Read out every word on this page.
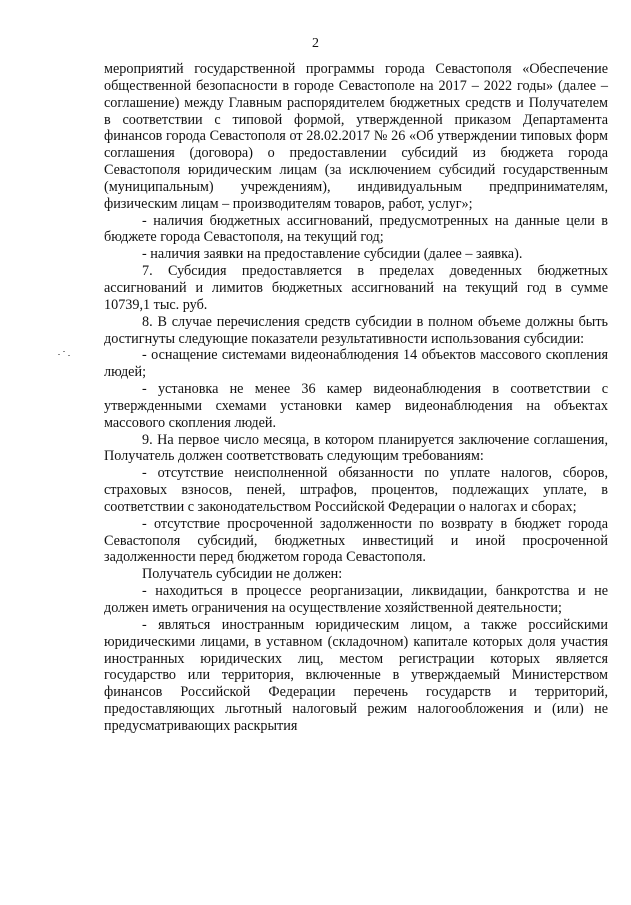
2

мероприятий государственной программы города Севастополя «Обеспечение общественной безопасности в городе Севастополе на 2017 – 2022 годы» (далее – соглашение) между Главным распорядителем бюджетных средств и Получателем в соответствии с типовой формой, утвержденной приказом Департамента финансов города Севастополя от 28.02.2017 № 26 «Об утверждении типовых форм соглашения (договора) о предоставлении субсидий из бюджета города Севастополя юридическим лицам (за исключением субсидий государственным (муниципальным) учреждениям), индивидуальным предпринимателям, физическим лицам – производителям товаров, работ, услуг»;

- наличия бюджетных ассигнований, предусмотренных на данные цели в бюджете города Севастополя, на текущий год;

- наличия заявки на предоставление субсидии (далее – заявка).

7. Субсидия предоставляется в пределах доведенных бюджетных ассигнований и лимитов бюджетных ассигнований на текущий год в сумме 10739,1 тыс. руб.

8. В случае перечисления средств субсидии в полном объеме должны быть достигнуты следующие показатели результативности использования субсидии:

- оснащение системами видеонаблюдения 14 объектов массового скопления людей;

- установка не менее 36 камер видеонаблюдения в соответствии с утвержденными схемами установки камер видеонаблюдения на объектах массового скопления людей.

9. На первое число месяца, в котором планируется заключение соглашения, Получатель должен соответствовать следующим требованиям:

- отсутствие неисполненной обязанности по уплате налогов, сборов, страховых взносов, пеней, штрафов, процентов, подлежащих уплате, в соответствии с законодательством Российской Федерации о налогах и сборах;

- отсутствие просроченной задолженности по возврату в бюджет города Севастополя субсидий, бюджетных инвестиций и иной просроченной задолженности перед бюджетом города Севастополя.

Получатель субсидии не должен:

- находиться в процессе реорганизации, ликвидации, банкротства и не должен иметь ограничения на осуществление хозяйственной деятельности;

- являться иностранным юридическим лицом, а также российскими юридическими лицами, в уставном (складочном) капитале которых доля участия иностранных юридических лиц, местом регистрации которых является государство или территория, включенные в утверждаемый Министерством финансов Российской Федерации перечень государств и территорий, предоставляющих льготный налоговый режим налогообложения и (или) не предусматривающих раскрытия
